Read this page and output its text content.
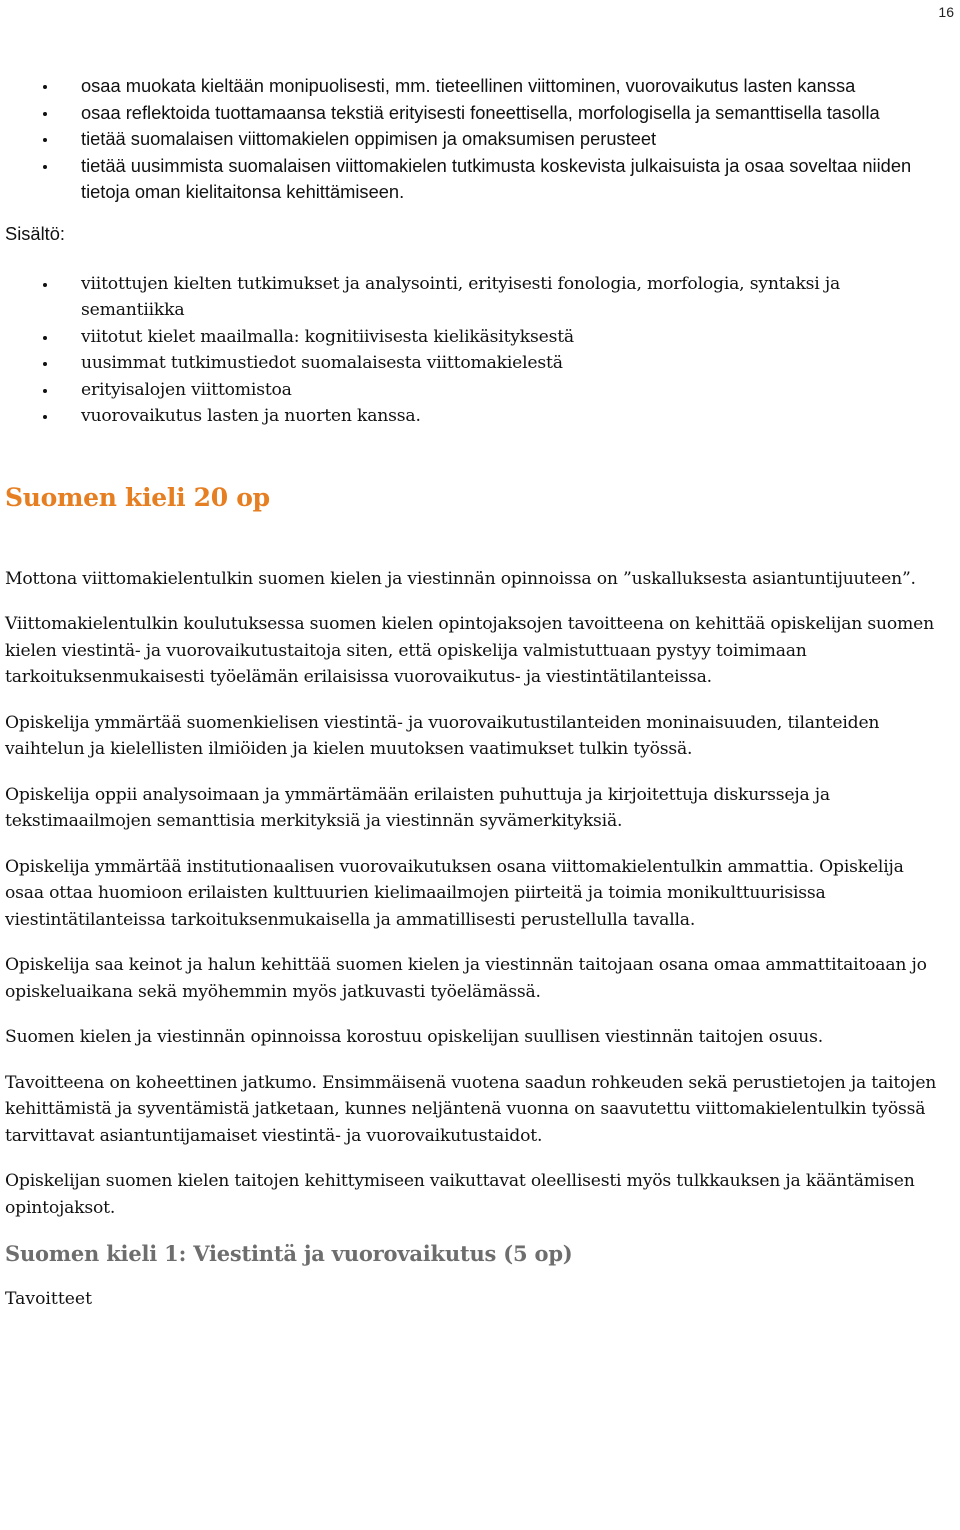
16
osaa muokata kieltään monipuolisesti, mm. tieteellinen viittominen, vuorovaikutus lasten kanssa
osaa reflektoida tuottamaansa tekstiä erityisesti foneettisella, morfologisella ja semanttisella tasolla
tietää suomalaisen viittomakielen oppimisen ja omaksumisen perusteet
tietää uusimmista suomalaisen viittomakielen tutkimusta koskevista julkaisuista ja osaa soveltaa niiden tietoja oman kielitaitonsa kehittämiseen.
Sisältö:
viitottujen kielten tutkimukset ja analysointi, erityisesti fonologia, morfologia, syntaksi ja semantiikka
viitotut kielet maailmalla: kognitiivisesta kielikäsityksestä
uusimmat tutkimustiedot suomalaisesta viittomakielestä
erityisalojen viittomistoa
vuorovaikutus lasten ja nuorten kanssa.
Suomen kieli 20 op

Mottona viittomakielentulkin suomen kielen ja viestinnän opinnoissa on ”uskalluksesta asiantuntijuuteen”.

Viittomakielentulkin koulutuksessa suomen kielen opintojaksojen tavoitteena on kehittää opiskelijan suomen kielen viestintä- ja vuorovaikutustaitoja siten, että opiskelija valmistuttuaan pystyy toimimaan tarkoituksenmukaisesti työelämän erilaisissa vuorovaikutus- ja viestintätilanteissa.

Opiskelija ymmärtää suomenkielisen viestintä- ja vuorovaikutustilanteiden moninaisuuden, tilanteiden vaihtelun ja kielellisten ilmiöiden ja kielen muutoksen vaatimukset tulkin työssä.

Opiskelija oppii analysoimaan ja ymmärtämään erilaisten puhuttuja ja kirjoitettuja diskursseja ja tekstimaailmojen semanttisia merkityksiä ja viestinnän syvämerkityksiä.

Opiskelija ymmärtää institutionaalisen vuorovaikutuksen osana viittomakielentulkin ammattia. Opiskelija osaa ottaa huomioon erilaisten kulttuurien kielimaailmojen piirteitä ja toimia monikulttuurisissa viestintätilanteissa tarkoituksenmukaisella ja ammatillisesti perustellulla tavalla.

Opiskelija saa keinot ja halun kehittää suomen kielen ja viestinnän taitojaan osana omaa ammattitaitoaan jo opiskeluaikana sekä myöhemmin myös jatkuvasti työelämässä.

Suomen kielen ja viestinnän opinnoissa korostuu opiskelijan suullisen viestinnän taitojen osuus.

Tavoitteena on koheettinen jatkumo. Ensimmäisenä vuotena saadun rohkeuden sekä perustietojen ja taitojen kehittämistä ja syventämistä jatketaan, kunnes neljäntenä vuonna on saavutettu viittomakielentulkin työssä tarvittavat asiantuntijamaiset viestintä- ja vuorovaikutustaidot.

Opiskelijan suomen kielen taitojen kehittymiseen vaikuttavat oleellisesti myös tulkkauksen ja kääntämisen opintojaksot.

Suomen kieli 1: Viestintä ja vuorovaikutus (5 op)
Tavoitteet
